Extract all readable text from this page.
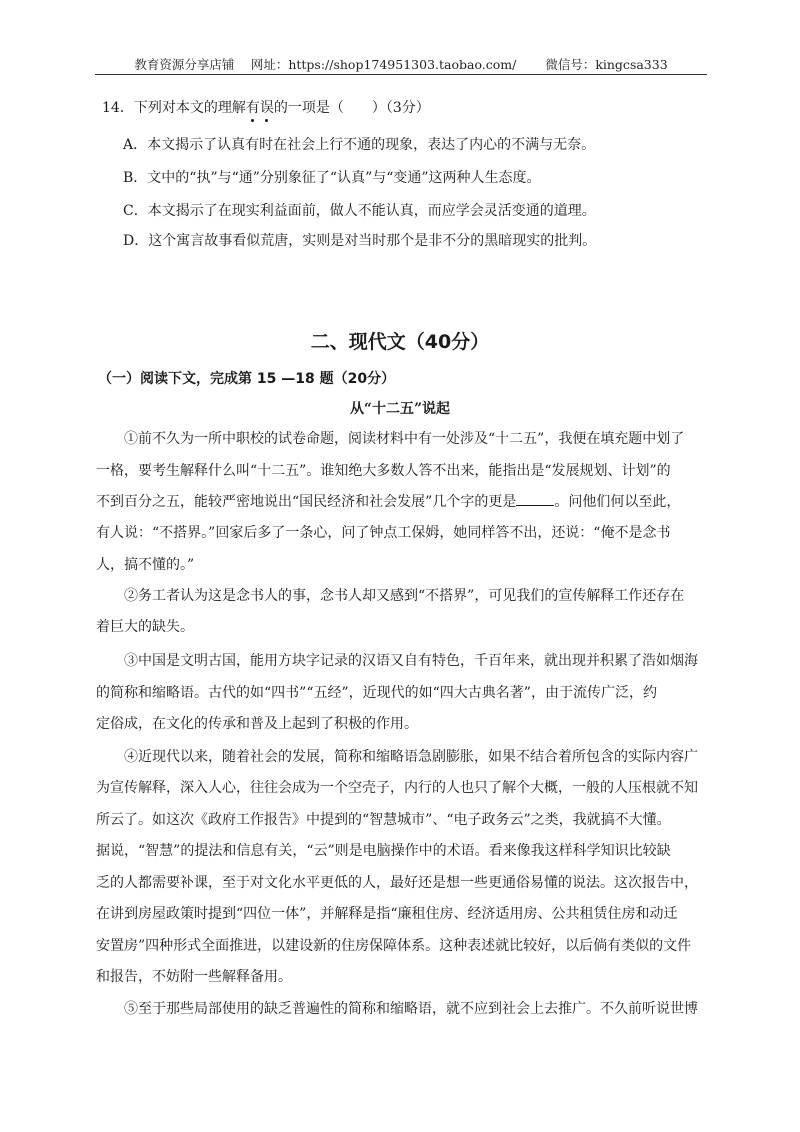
教育资源分享店铺  网址：https://shop174951303.taobao.com/   微信号：kingcsa333
14．下列对本文的理解有误的一项是（　　）（3分）
A．本文揭示了认真有时在社会上行不通的现象，表达了内心的不满与无奈。
B．文中的“执”与“通”分别象征了“认真”与“变通”这两种人生态度。
C．本文揭示了在现实利益面前，做人不能认真，而应学会灵活变通的道理。
D．这个寓言故事看似荒唐，实则是对当时那个是非不分的黑暗现实的批判。
二、现代文（40分）
（一）阅读下文，完成第 15 —18 题（20分）
从“十二五”说起
①前不久为一所中职校的试卷命题，阅读材料中有一处涉及“十二五”，我便在填充题中划了
一格，要考生解释什么叫“十二五”。谁知绝大多数人答不出来，能指出是“发展规划、计划”的
不到百分之五，能较严密地说出“国民经济和社会发展”几个字的更是	。问他们何以至此，
有人说：“不搭界。”回家后多了一条心，问了钟点工保姆，她同样答不出，还说：“俺不是念书
人，搞不懂的。”
②务工者认为这是念书人的事，念书人却又感到“不搭界”，可见我们的宣传解释工作还存在
着巨大的缺失。
③中国是文明古国，能用方块字记录的汉语又自有特色，千百年来，就出现并积累了浩如烟海
的简称和缩略语。古代的如“四书”“五经”，近现代的如“四大古典名著”，由于流传广泛，约
定俗成，在文化的传承和普及上起到了积极的作用。
④近现代以来，随着社会的发展，简称和缩略语急剧膨胀，如果不结合着所包含的实际内容广
为宣传解释，深入人心，往往会成为一个空壳子，内行的人也只了解个大概，一般的人压根就不知
所云了。如这次《政府工作报告》中提到的“智慧城市”、“电子政务云”之类，我就搞不大懂。
据说，“智慧”的提法和信息有关，“云”则是电脑操作中的术语。看来像我这样科学知识比较缺
乏的人都需要补课，至于对文化水平更低的人，最好还是想一些更通俗易懂的说法。这次报告中，
在讲到房屋政策时提到“四位一体”，并解释是指“廉租住房、经济适用房、公共租赁住房和动迁
安置房”四种形式全面推进，以建设新的住房保障体系。这种表述就比较好，以后倘有类似的文件
和报告，不妨附一些解释备用。
⑤至于那些局部使用的缺乏普遍性的简称和缩略语，就不应到社会上去推广。不久前听说世博
